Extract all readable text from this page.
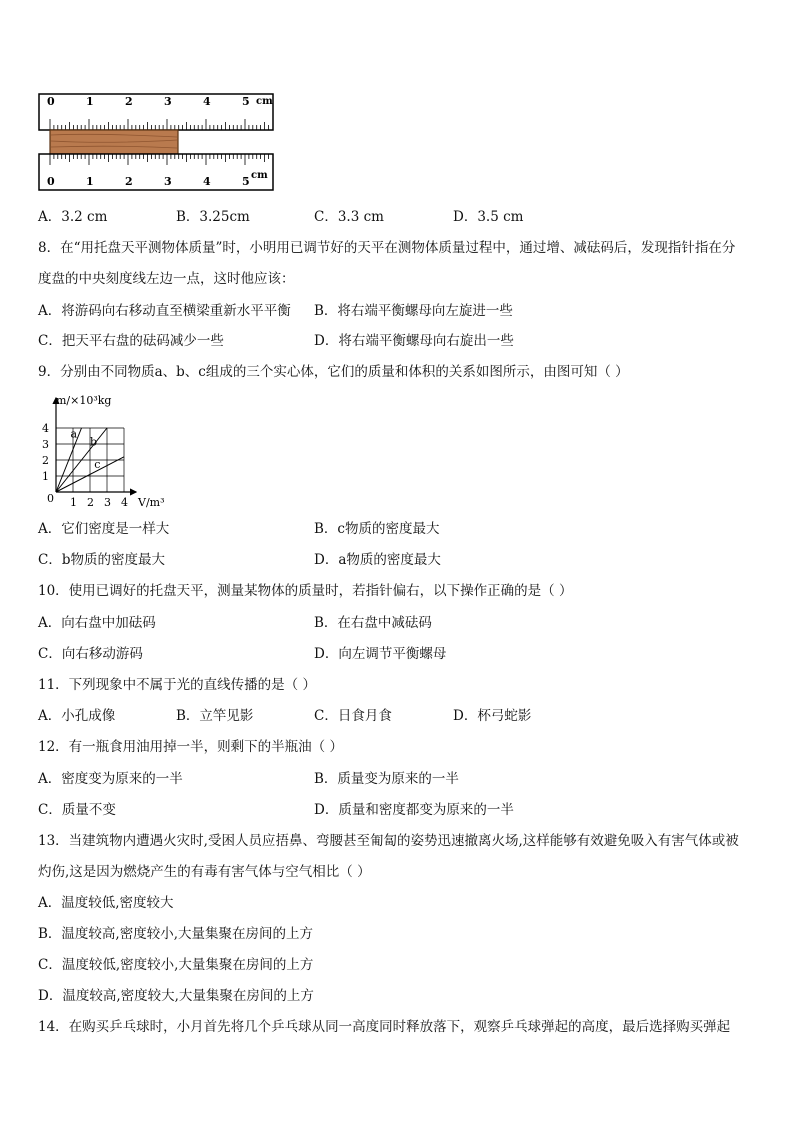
0	1	2	3	4	5 cm
0	1	2	3	4	5 cm
A．3.2 cm	B．3.25cm	C．3.3 cm	D．3.5 cm
8．在“用托盘天平测物体质量”时，小明用已调节好的天平在测物体质量过程中，通过增、减砝码后，发现指针指在分
度盘的中央刻度线左边一点，这时他应该：
A．将游码向右移动直至横梁重新水平平衡 B．将右端平衡螺母向左旋进一些
C．把天平右盘的砝码减少一些	D．将右端平衡螺母向右旋出一些
9．分别由不同物质a、b、c组成的三个实心体，它们的质量和体积的关系如图所示，由图可知（ ）
a
b
c
1 2 3 4
1
2
3
4
m/×10³kg
V/m³
0
A．它们密度是一样大	B．c物质的密度最大
C．b物质的密度最大	D．a物质的密度最大
10．使用已调好的托盘天平，测量某物体的质量时，若指针偏右，以下操作正确的是（ ）
A．向右盘中加砝码	B．在右盘中减砝码
C．向右移动游码	D．向左调节平衡螺母
11．下列现象中不属于光的直线传播的是（ ）
A．小孔成像	B．立竿见影	C．日食月食	D．杯弓蛇影
12．有一瓶食用油用掉一半，则剩下的半瓶油（ ）
A．密度变为原来的一半	B．质量变为原来的一半
C．质量不变	D．质量和密度都变为原来的一半
13．当建筑物内遭遇火灾时,受困人员应捂鼻、弯腰甚至匍匐的姿势迅速撤离火场,这样能够有效避免吸入有害气体或被
灼伤,这是因为燃烧产生的有毒有害气体与空气相比（ ）
A．温度较低,密度较大
B．温度较高,密度较小,大量集聚在房间的上方
C．温度较低,密度较小,大量集聚在房间的上方
D．温度较高,密度较大,大量集聚在房间的上方
14．在购买乒乓球时，小月首先将几个乒乓球从同一高度同时释放落下，观察乒乓球弹起的高度，最后选择购买弹起
